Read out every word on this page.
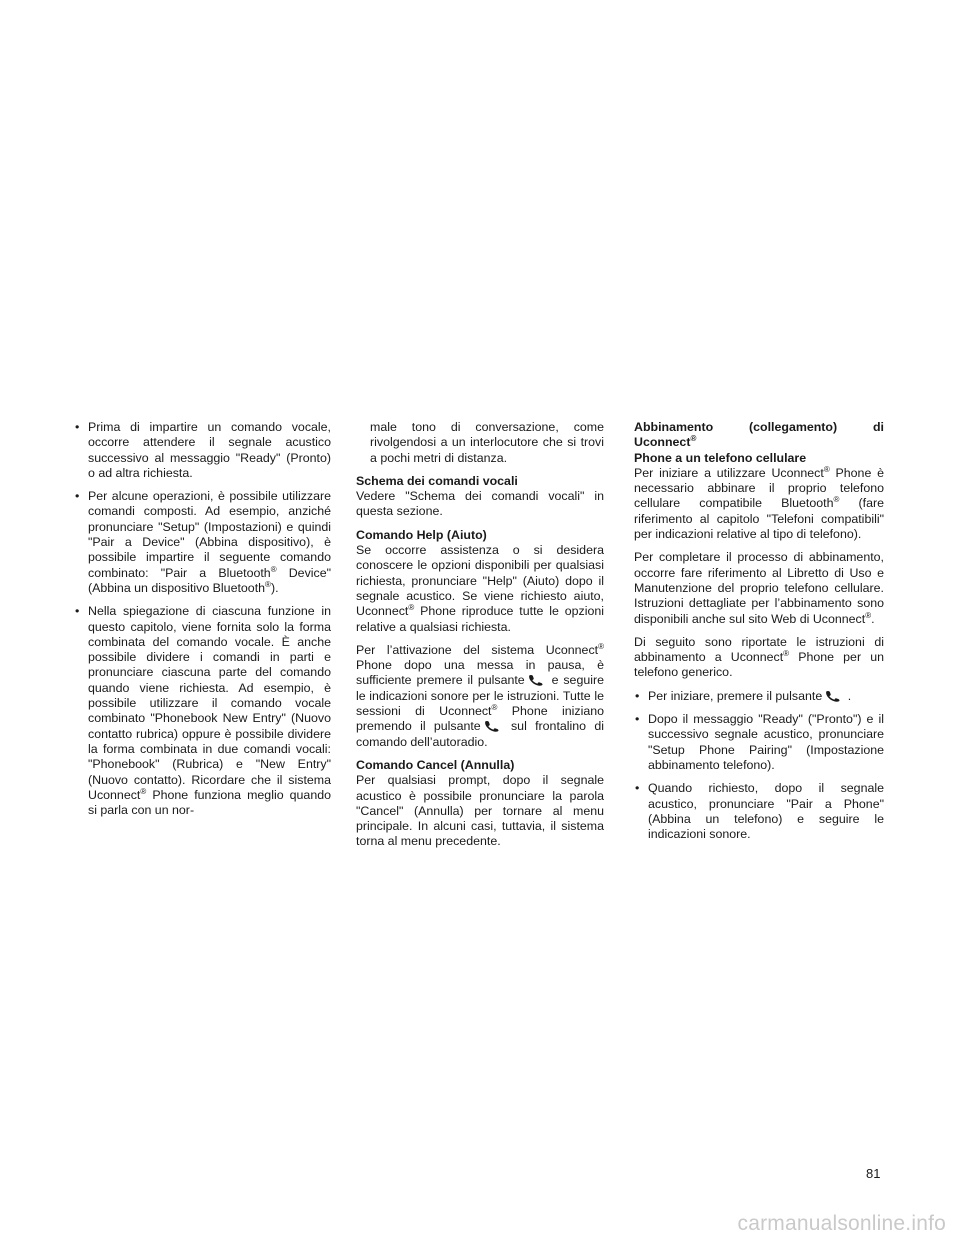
• Prima di impartire un comando vocale, occorre attendere il segnale acustico successivo al messaggio "Ready" (Pronto) o ad altra richiesta.

• Per alcune operazioni, è possibile utilizzare comandi composti. Ad esempio, anziché pronunciare "Setup" (Impostazioni) e quindi "Pair a Device" (Abbina dispositivo), è possibile impartire il seguente comando combinato: "Pair a Bluetooth® Device" (Abbina un dispositivo Bluetooth®).

• Nella spiegazione di ciascuna funzione in questo capitolo, viene fornita solo la forma combinata del comando vocale. È anche possibile dividere i comandi in parti e pronunciare ciascuna parte del comando quando viene richiesta. Ad esempio, è possibile utilizzare il comando vocale combinato "Phonebook New Entry" (Nuovo contatto rubrica) oppure è possibile dividere la forma combinata in due comandi vocali: "Phonebook" (Rubrica) e "New Entry" (Nuovo contatto). Ricordare che il sistema Uconnect® Phone funziona meglio quando si parla con un nor-

male tono di conversazione, come rivolgendosi a un interlocutore che si trovi a pochi metri di distanza.

Schema dei comandi vocali
Vedere "Schema dei comandi vocali" in questa sezione.

Comando Help (Aiuto)
Se occorre assistenza o si desidera conoscere le opzioni disponibili per qualsiasi richiesta, pronunciare "Help" (Aiuto) dopo il segnale acustico. Se viene richiesto aiuto, Uconnect® Phone riproduce tutte le opzioni relative a qualsiasi richiesta.

Per l’attivazione del sistema Uconnect® Phone dopo una messa in pausa, è sufficiente premere il pulsante e seguire le indicazioni sonore per le istruzioni. Tutte le sessioni di Uconnect® Phone iniziano premendo il pulsante sul frontalino di comando dell’autoradio.

Comando Cancel (Annulla)
Per qualsiasi prompt, dopo il segnale acustico è possibile pronunciare la parola "Cancel" (Annulla) per tornare al menu principale. In alcuni casi, tuttavia, il sistema torna al menu precedente.

Abbinamento (collegamento) di Uconnect®
Phone a un telefono cellulare
Per iniziare a utilizzare Uconnect® Phone è necessario abbinare il proprio telefono cellulare compatibile Bluetooth® (fare riferimento al capitolo "Telefoni compatibili" per indicazioni relative al tipo di telefono).

Per completare il processo di abbinamento, occorre fare riferimento al Libretto di Uso e Manutenzione del proprio telefono cellulare. Istruzioni dettagliate per l’abbinamento sono disponibili anche sul sito Web di Uconnect®.

Di seguito sono riportate le istruzioni di abbinamento a Uconnect® Phone per un telefono generico.

• Per iniziare, premere il pulsante .

• Dopo il messaggio "Ready" ("Pronto") e il successivo segnale acustico, pronunciare "Setup Phone Pairing" (Impostazione abbinamento telefono).

• Quando richiesto, dopo il segnale acustico, pronunciare "Pair a Phone" (Abbina un telefono) e seguire le indicazioni sonore.

81
carmanualsonline.info
